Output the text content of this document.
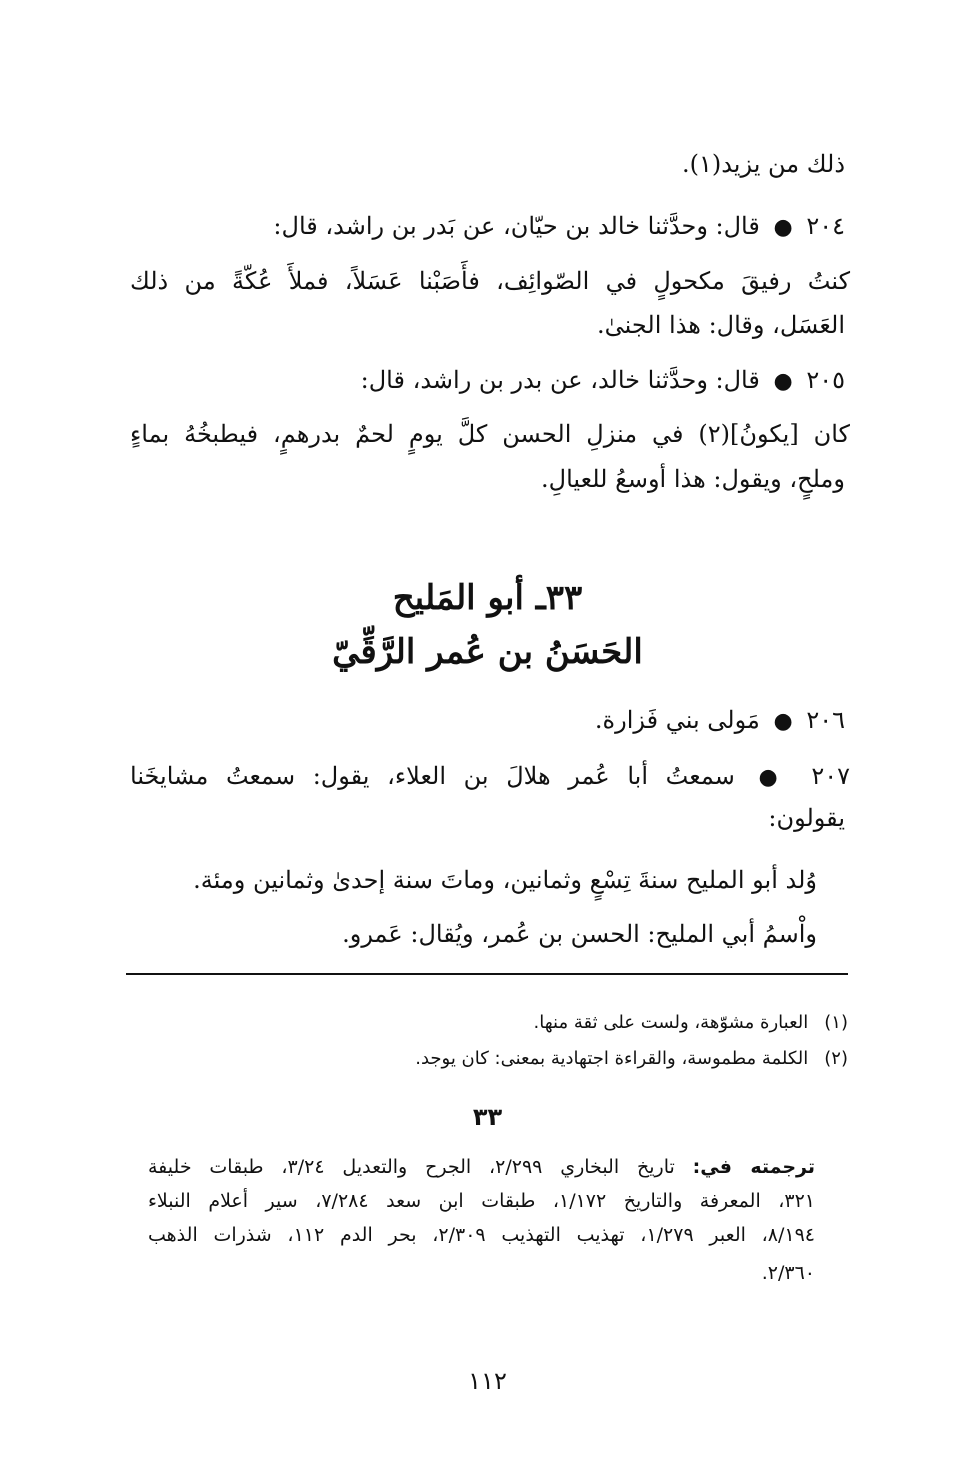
ذلك من يزيد(١).
٢٠٤ ● قال: وحدَّثنا خالد بن حيّان، عن بَدر بن راشد، قال:
كنتُ رفيقَ مكحولٍ في الصّوائِف، فأَصَبْنا عَسَلاً، فملأَ عُكّةً من ذلك
العَسَل، وقال: هذا الجنىٰ.
٢٠٥ ● قال: وحدَّثنا خالد، عن بدر بن راشد، قال:
كان [يكونُ](٢) في منزلِ الحسن كلَّ يومٍ لحمٌ بدرهمٍ، فيطبخُهُ بماءٍ
وملحٍ، ويقول: هذا أوسعُ للعيالِ.
٣٣ـ أبو المَليح
الحَسَنُ بن عُمر الرَّقِّيّ
٢٠٦ ● مَولى بني فَزارة.
٢٠٧ ● سمعتُ أبا عُمر هلالَ بن العلاء، يقول: سمعتُ مشايخَنا
يقولون:
وُلد أبو المليح سنةَ تِسْعٍ وثمانين، وماتَ سنة إحدىٰ وثمانين ومئة.
واْسمُ أبي المليح: الحسن بن عُمر، ويُقال: عَمرو.
(١) العبارة مشوّهة، ولست على ثقة منها.
(٢) الكلمة مطموسة، والقراءة اجتهادية بمعنى: كان يوجد.
٣٣
ترجمته في: تاريخ البخاري ٢/٢٩٩، الجرح والتعديل ٣/٢٤، طبقات خليفة
٣٢١، المعرفة والتاريخ ١/١٧٢، طبقات ابن سعد ٧/٢٨٤، سير أعلام النبلاء
٨/١٩٤، العبر ١/٢٧٩، تهذيب التهذيب ٢/٣٠٩، بحر الدم ١١٢، شذرات الذهب
٢/٣٦٠.
١١٢
